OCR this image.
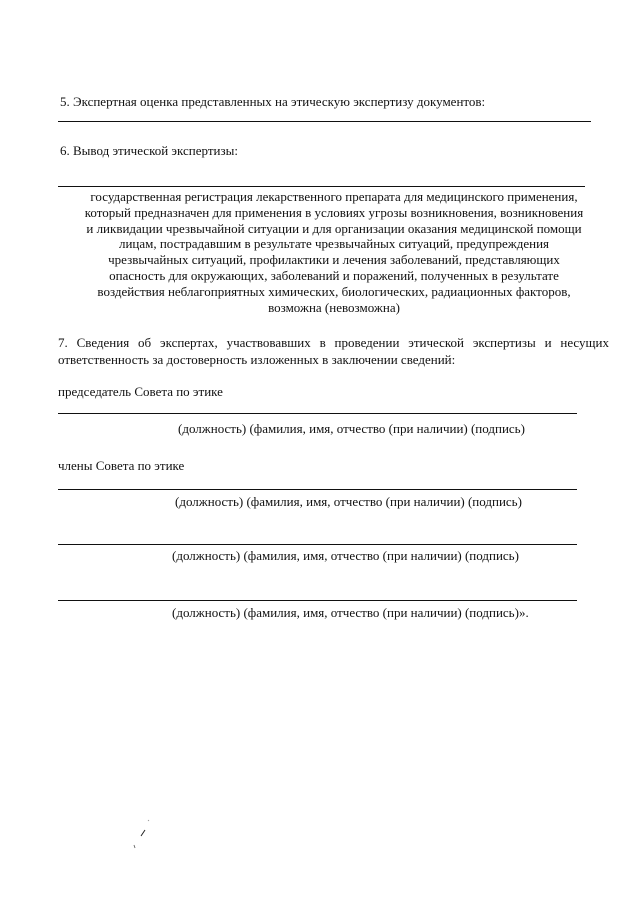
5. Экспертная оценка представленных на этическую экспертизу документов:
6. Вывод этической экспертизы:
государственная регистрация лекарственного препарата для медицинского применения,
который предназначен для применения в условиях угрозы возникновения, возникновения
и ликвидации чрезвычайной ситуации и для организации оказания медицинской помощи
лицам, пострадавшим в результате чрезвычайных ситуаций, предупреждения
чрезвычайных ситуаций, профилактики и лечения заболеваний, представляющих
опасность для окружающих, заболеваний и поражений, полученных в результате
воздействия неблагоприятных химических, биологических, радиационных факторов,
возможна (невозможна)
7. Сведения об экспертах, участвовавших в проведении этической экспертизы и несущих
ответственность за достоверность изложенных в заключении сведений:
председатель Совета по этике
(должность) (фамилия, имя, отчество (при наличии) (подпись)
члены Совета по этике
(должность) (фамилия, имя, отчество (при наличии) (подпись)
(должность) (фамилия, имя, отчество (при наличии) (подпись)
(должность) (фамилия, имя, отчество (при наличии) (подпись)».
